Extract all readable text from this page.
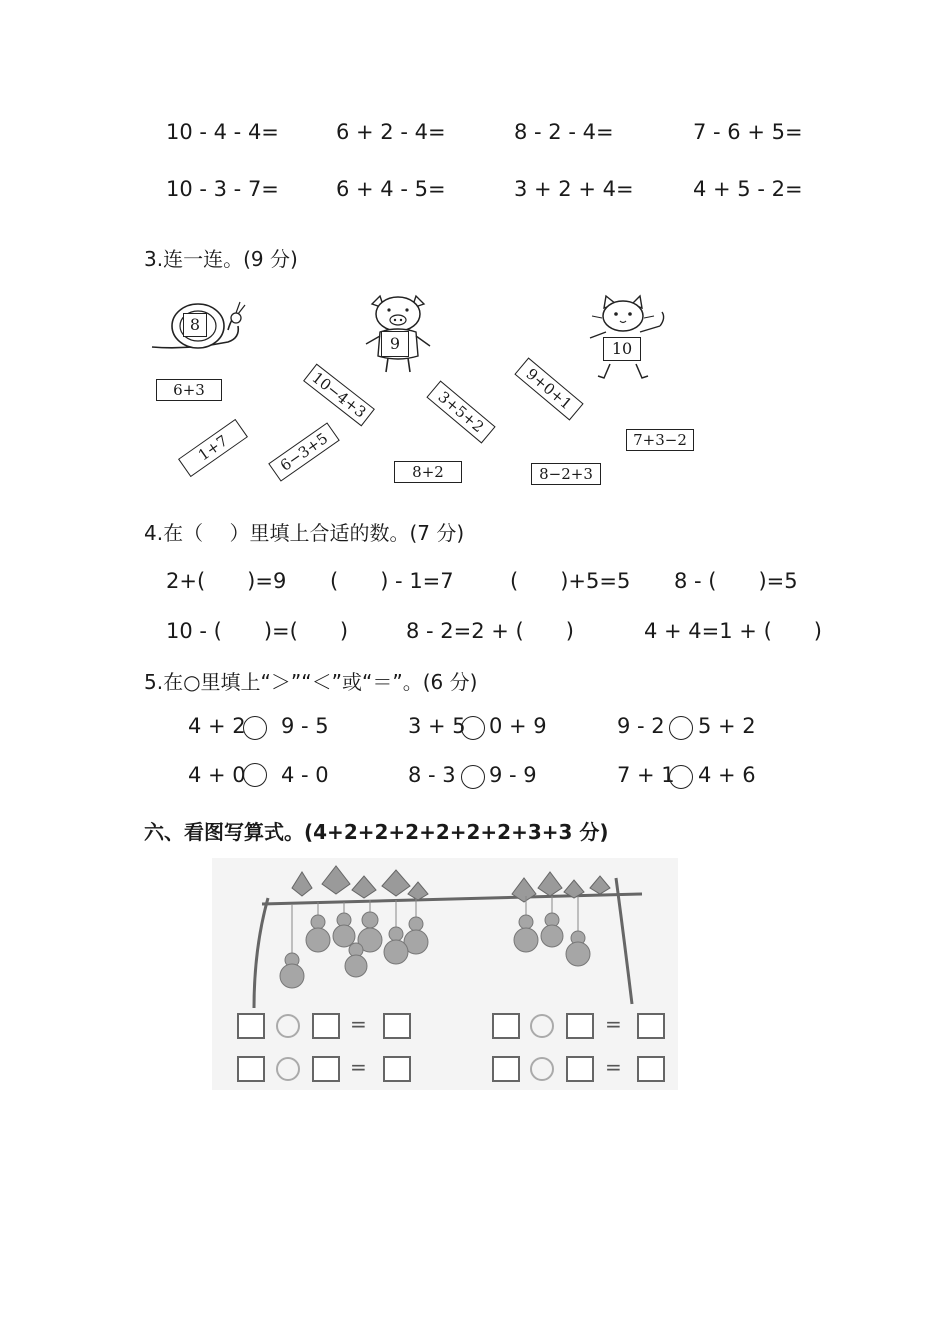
10 - 4 - 4=	6 + 2 - 4=	8 - 2 - 4=	7 - 6 + 5=
10 - 3 - 7=	6 + 4 - 5=	3 + 2 + 4=	4 + 5 - 2=
3.连一连。(9 分)
8
9	10
6+3	10−4+3	3+5+2	9+0+1
1+7	6−3+5	8+2	8−2+3
7+3−2
4.在（　 ）里填上合适的数。(7 分)
2+(　　)=9 (　　) - 1=7	(　　)+5=5 8 - (　　)=5
10 - (　　)=(　　)	8 - 2=2 + (　　)	4 + 4=1 + (　　)
5.在○里填上“＞”“＜”或“＝”。(6 分)
4 + 2 9 - 5	3 + 5 0 + 9	9 - 2 5 + 2
4 + 0 4 - 0	8 - 3 9 - 9	7 + 1 4 + 6
六、看图写算式。(4+2+2+2+2+2+2+3+3 分)
=	=
=	=
